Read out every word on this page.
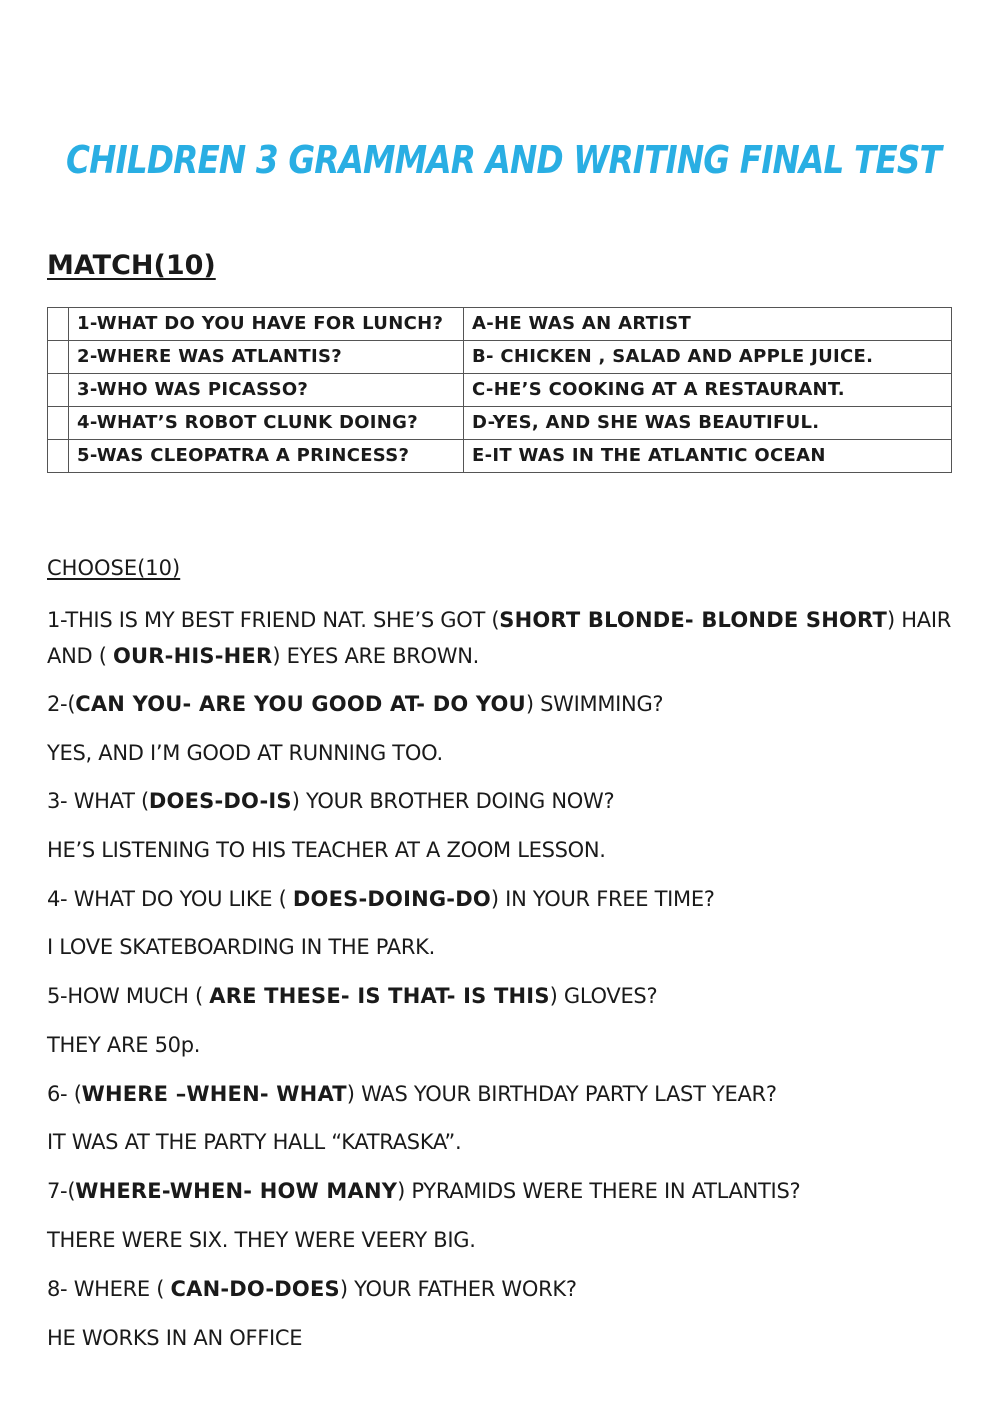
CHILDREN 3 GRAMMAR AND WRITING FINAL TEST
MATCH(10)
	1-WHAT DO YOU HAVE FOR LUNCH?	A-HE WAS AN ARTIST
	2-WHERE WAS ATLANTIS?	B- CHICKEN , SALAD AND APPLE JUICE.
	3-WHO WAS PICASSO?	C-HE’S COOKING AT A RESTAURANT.
	4-WHAT’S ROBOT CLUNK DOING?	D-YES, AND SHE WAS BEAUTIFUL.
	5-WAS CLEOPATRA A PRINCESS?	E-IT WAS IN THE ATLANTIC OCEAN
CHOOSE(10)
1-THIS IS MY BEST FRIEND NAT. SHE’S GOT (SHORT BLONDE- BLONDE SHORT) HAIR AND ( OUR-HIS-HER) EYES ARE BROWN.
2-(CAN YOU- ARE YOU GOOD AT- DO YOU) SWIMMING?
YES, AND I’M GOOD AT RUNNING TOO.
3- WHAT (DOES-DO-IS) YOUR BROTHER DOING NOW?
HE’S LISTENING TO HIS TEACHER AT A ZOOM LESSON.
4- WHAT DO YOU LIKE ( DOES-DOING-DO) IN YOUR FREE TIME?
I LOVE SKATEBOARDING IN THE PARK.
5-HOW MUCH ( ARE THESE- IS THAT- IS THIS) GLOVES?
THEY ARE 50p.
6- (WHERE –WHEN- WHAT) WAS YOUR BIRTHDAY PARTY LAST YEAR?
IT WAS AT THE PARTY HALL “KATRASKA”.
7-(WHERE-WHEN- HOW MANY) PYRAMIDS WERE THERE IN ATLANTIS?
THERE WERE SIX. THEY WERE VEERY BIG.
8- WHERE ( CAN-DO-DOES) YOUR FATHER WORK?
HE WORKS IN AN OFFICE
